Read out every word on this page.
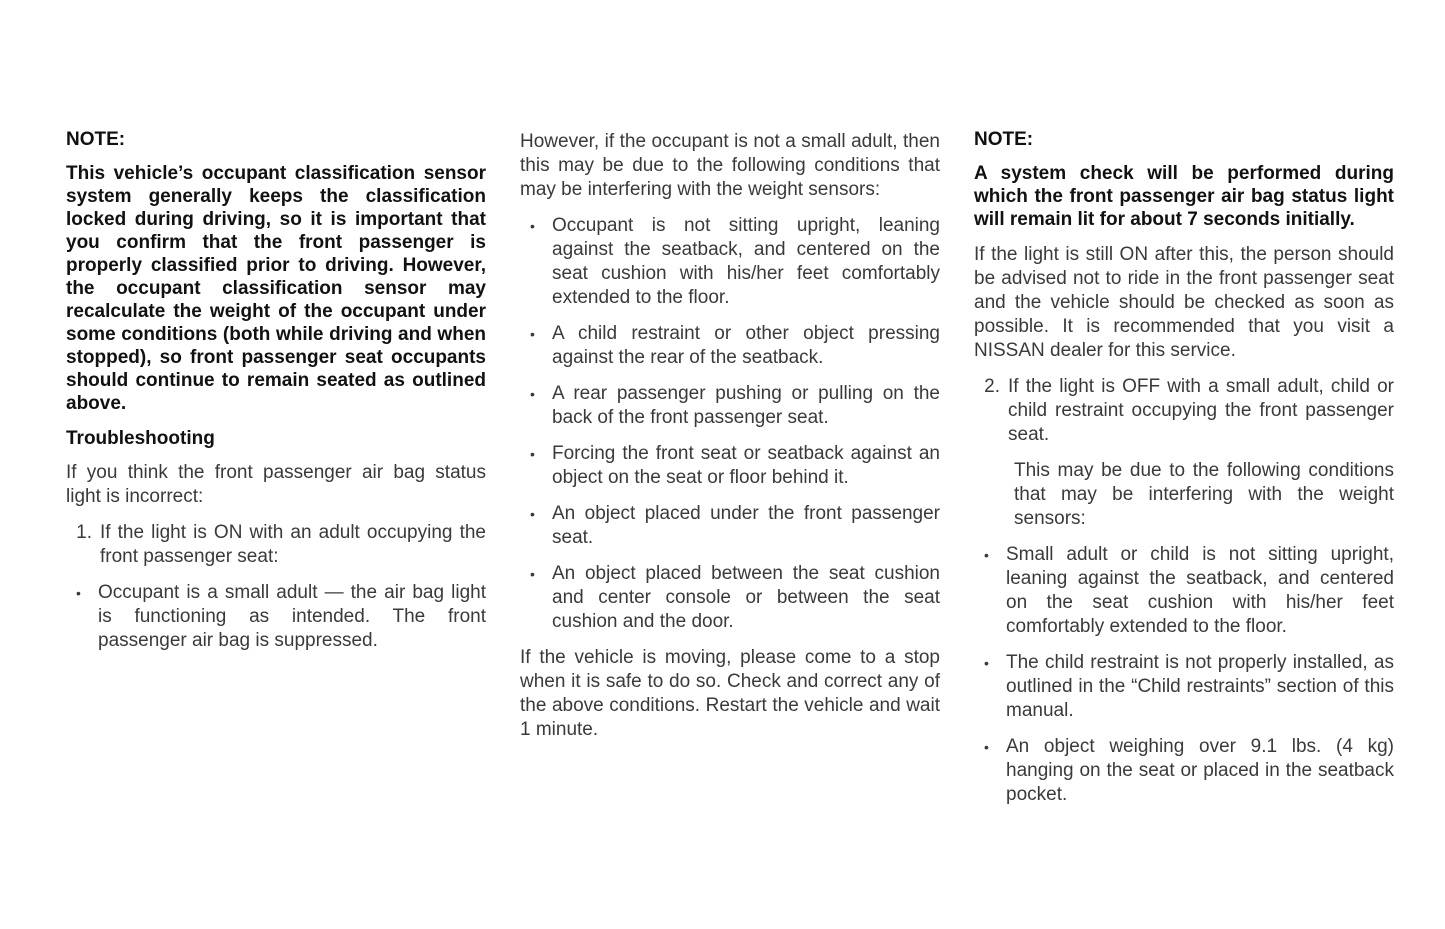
NOTE:
This vehicle’s occupant classification sensor system generally keeps the classification locked during driving, so it is important that you confirm that the front passenger is properly classified prior to driving. However, the occupant classification sensor may recalculate the weight of the occupant under some conditions (both while driving and when stopped), so front passenger seat occupants should continue to remain seated as outlined above.
Troubleshooting
If you think the front passenger air bag status light is incorrect:
1. If the light is ON with an adult occupying the front passenger seat:
• Occupant is a small adult — the air bag light is functioning as intended. The front passenger air bag is suppressed.
However, if the occupant is not a small adult, then this may be due to the following conditions that may be interfering with the weight sensors:
• Occupant is not sitting upright, leaning against the seatback, and centered on the seat cushion with his/her feet comfortably extended to the floor.
• A child restraint or other object pressing against the rear of the seatback.
• A rear passenger pushing or pulling on the back of the front passenger seat.
• Forcing the front seat or seatback against an object on the seat or floor behind it.
• An object placed under the front passenger seat.
• An object placed between the seat cushion and center console or between the seat cushion and the door.
If the vehicle is moving, please come to a stop when it is safe to do so. Check and correct any of the above conditions. Restart the vehicle and wait 1 minute.
NOTE:
A system check will be performed during which the front passenger air bag status light will remain lit for about 7 seconds initially.
If the light is still ON after this, the person should be advised not to ride in the front passenger seat and the vehicle should be checked as soon as possible. It is recommended that you visit a NISSAN dealer for this service.
2. If the light is OFF with a small adult, child or child restraint occupying the front passenger seat.
This may be due to the following conditions that may be interfering with the weight sensors:
• Small adult or child is not sitting upright, leaning against the seatback, and centered on the seat cushion with his/her feet comfortably extended to the floor.
• The child restraint is not properly installed, as outlined in the “Child restraints” section of this manual.
• An object weighing over 9.1 lbs. (4 kg) hanging on the seat or placed in the seatback pocket.
